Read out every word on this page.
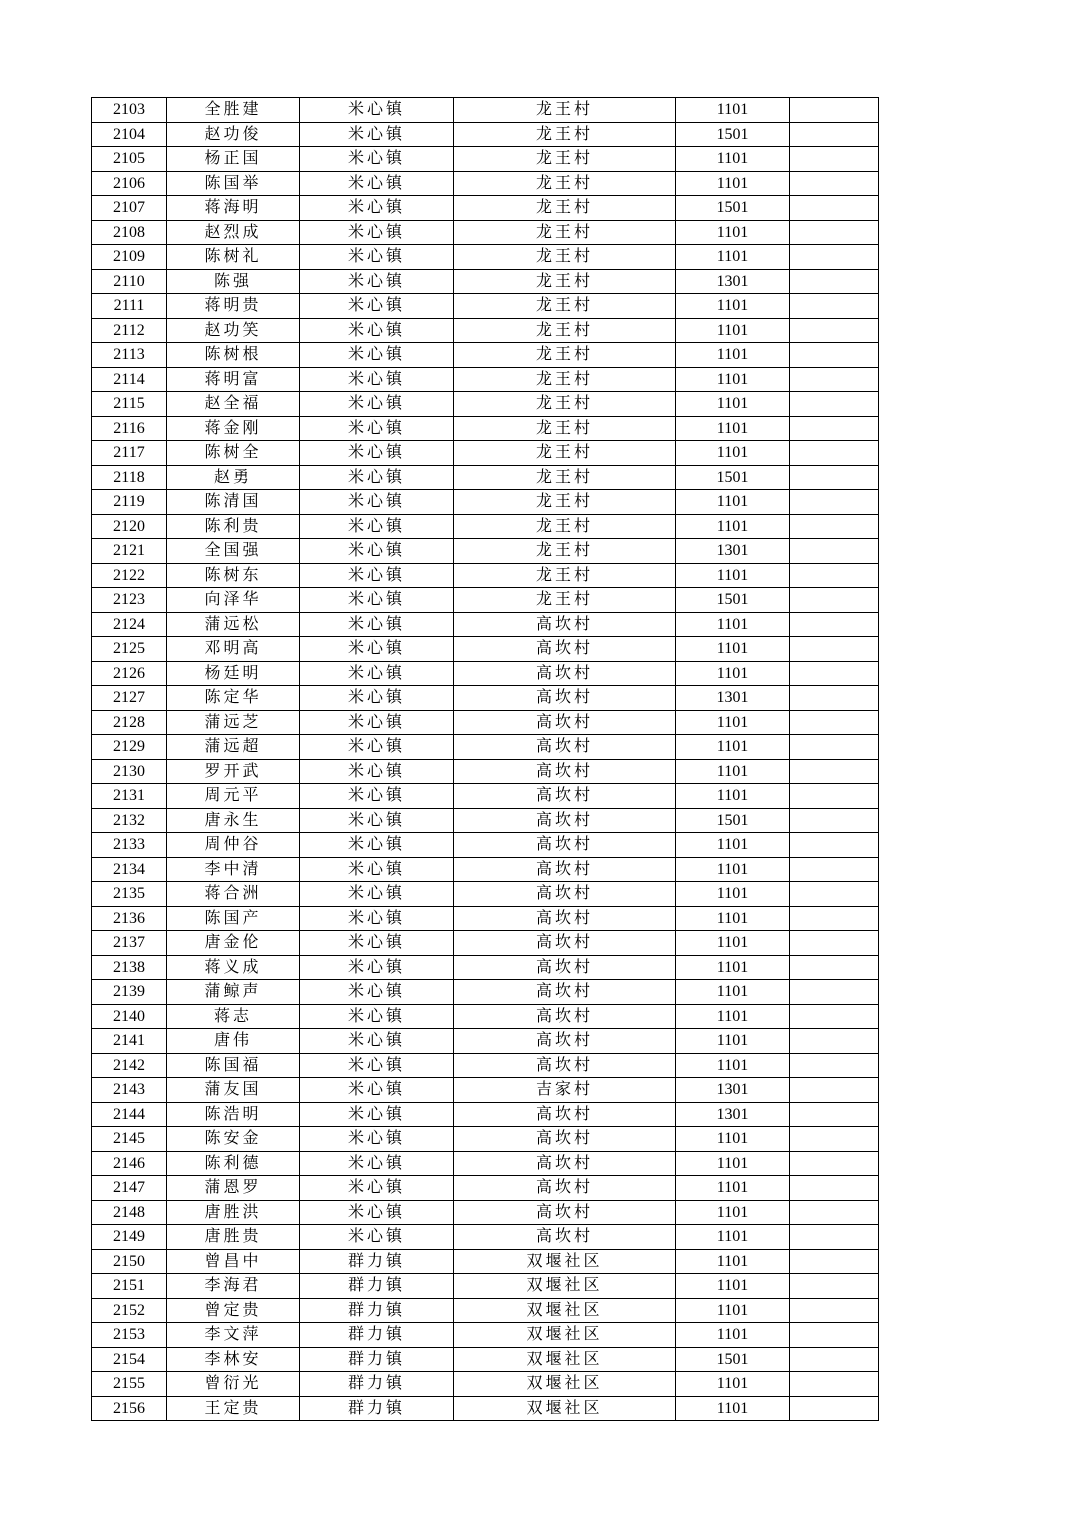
2103	全胜建	米心镇	龙王村	1101	
2104	赵功俊	米心镇	龙王村	1501	
2105	杨正国	米心镇	龙王村	1101	
2106	陈国举	米心镇	龙王村	1101	
2107	蒋海明	米心镇	龙王村	1501	
2108	赵烈成	米心镇	龙王村	1101	
2109	陈树礼	米心镇	龙王村	1101	
2110	陈强	米心镇	龙王村	1301	
2111	蒋明贵	米心镇	龙王村	1101	
2112	赵功笑	米心镇	龙王村	1101	
2113	陈树根	米心镇	龙王村	1101	
2114	蒋明富	米心镇	龙王村	1101	
2115	赵全福	米心镇	龙王村	1101	
2116	蒋金刚	米心镇	龙王村	1101	
2117	陈树全	米心镇	龙王村	1101	
2118	赵勇	米心镇	龙王村	1501	
2119	陈清国	米心镇	龙王村	1101	
2120	陈利贵	米心镇	龙王村	1101	
2121	全国强	米心镇	龙王村	1301	
2122	陈树东	米心镇	龙王村	1101	
2123	向泽华	米心镇	龙王村	1501	
2124	蒲远松	米心镇	高坎村	1101	
2125	邓明高	米心镇	高坎村	1101	
2126	杨廷明	米心镇	高坎村	1101	
2127	陈定华	米心镇	高坎村	1301	
2128	蒲远芝	米心镇	高坎村	1101	
2129	蒲远超	米心镇	高坎村	1101	
2130	罗开武	米心镇	高坎村	1101	
2131	周元平	米心镇	高坎村	1101	
2132	唐永生	米心镇	高坎村	1501	
2133	周仲谷	米心镇	高坎村	1101	
2134	李中清	米心镇	高坎村	1101	
2135	蒋合洲	米心镇	高坎村	1101	
2136	陈国产	米心镇	高坎村	1101	
2137	唐金伦	米心镇	高坎村	1101	
2138	蒋义成	米心镇	高坎村	1101	
2139	蒲鲸声	米心镇	高坎村	1101	
2140	蒋志	米心镇	高坎村	1101	
2141	唐伟	米心镇	高坎村	1101	
2142	陈国福	米心镇	高坎村	1101	
2143	蒲友国	米心镇	吉家村	1301	
2144	陈浩明	米心镇	高坎村	1301	
2145	陈安金	米心镇	高坎村	1101	
2146	陈利德	米心镇	高坎村	1101	
2147	蒲恩罗	米心镇	高坎村	1101	
2148	唐胜洪	米心镇	高坎村	1101	
2149	唐胜贵	米心镇	高坎村	1101	
2150	曾昌中	群力镇	双堰社区	1101	
2151	李海君	群力镇	双堰社区	1101	
2152	曾定贵	群力镇	双堰社区	1101	
2153	李文萍	群力镇	双堰社区	1101	
2154	李林安	群力镇	双堰社区	1501	
2155	曾衍光	群力镇	双堰社区	1101	
2156	王定贵	群力镇	双堰社区	1101	
